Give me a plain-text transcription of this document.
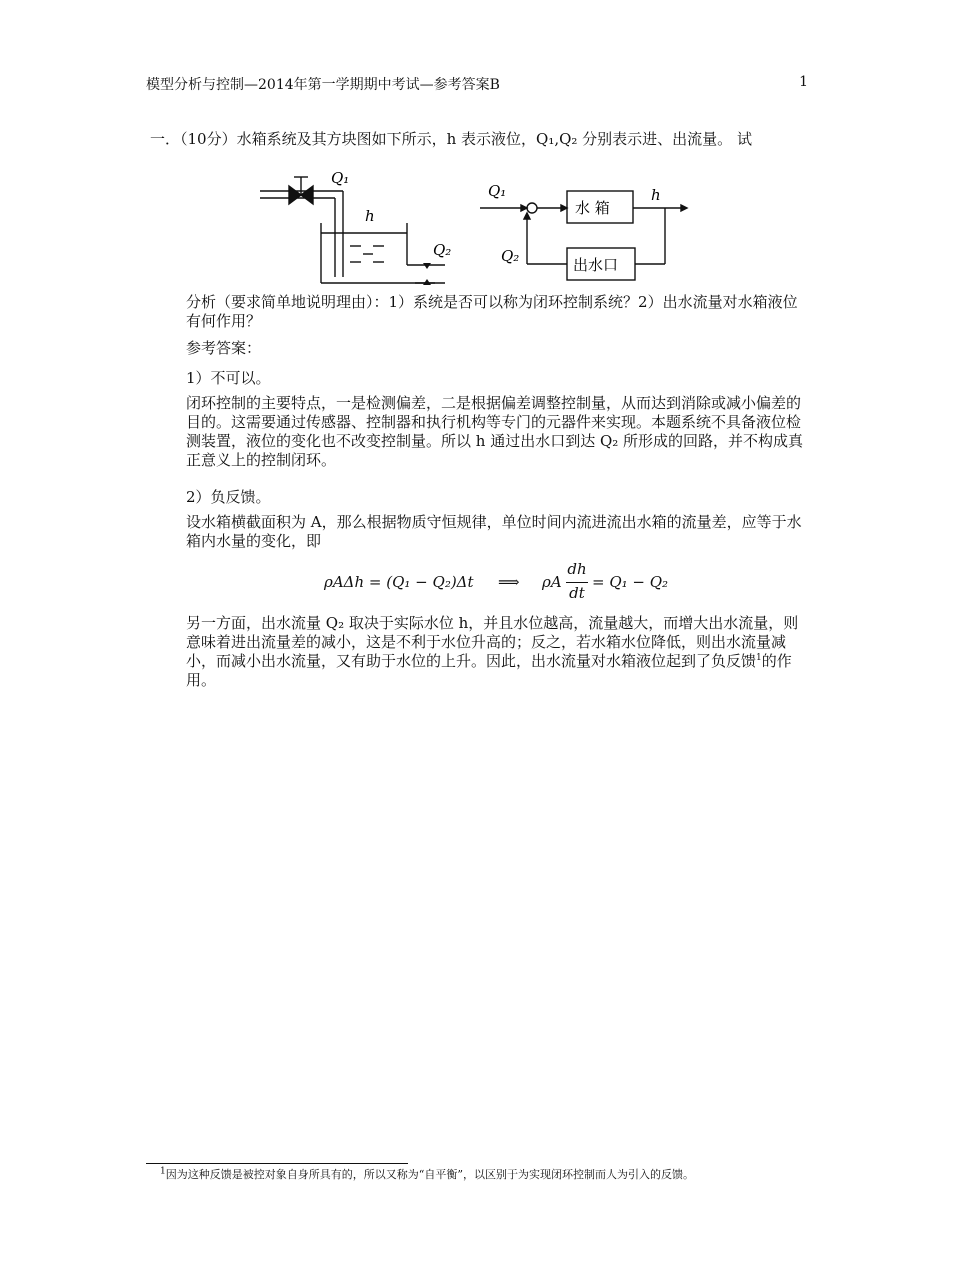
模型分析与控制—2014年第一学期期中考试—参考答案B	1
一．（10分）水箱系统及其方块图如下所示，h 表示液位，Q₁,Q₂ 分别表示进、出流量。 试
Q₁
h
Q₂
Q₁
Q₂
h
水 箱
出水口
分析（要求简单地说明理由）：1）系统是否可以称为闭环控制系统？2）出水流量对水箱液位有何作用？
参考答案：
1）不可以。
闭环控制的主要特点，一是检测偏差，二是根据偏差调整控制量，从而达到消除或减小偏差的目的。这需要通过传感器、控制器和执行机构等专门的元器件来实现。本题系统不具备液位检测装置，液位的变化也不改变控制量。所以 h 通过出水口到达 Q₂ 所形成的回路，并不构成真正意义上的控制闭环。
2）负反馈。
设水箱横截面积为 A，那么根据物质守恒规律，单位时间内流进流出水箱的流量差，应等于水箱内水量的变化，即
ρAΔh = (Q₁ − Q₂)Δt ⟹ ρA
dh
dt
= Q₁ − Q₂
另一方面，出水流量 Q₂ 取决于实际水位 h，并且水位越高，流量越大，而增大出水流量，则意味着进出流量差的减小，这是不利于水位升高的；反之，若水箱水位降低，则出水流量减小，而减小出水流量，又有助于水位的上升。因此，出水流量对水箱液位起到了负反馈$^1$的作用。
$^1$因为这种反馈是被控对象自身所具有的，所以又称为“自平衡”，以区别于为实现闭环控制而人为引入的反馈。
